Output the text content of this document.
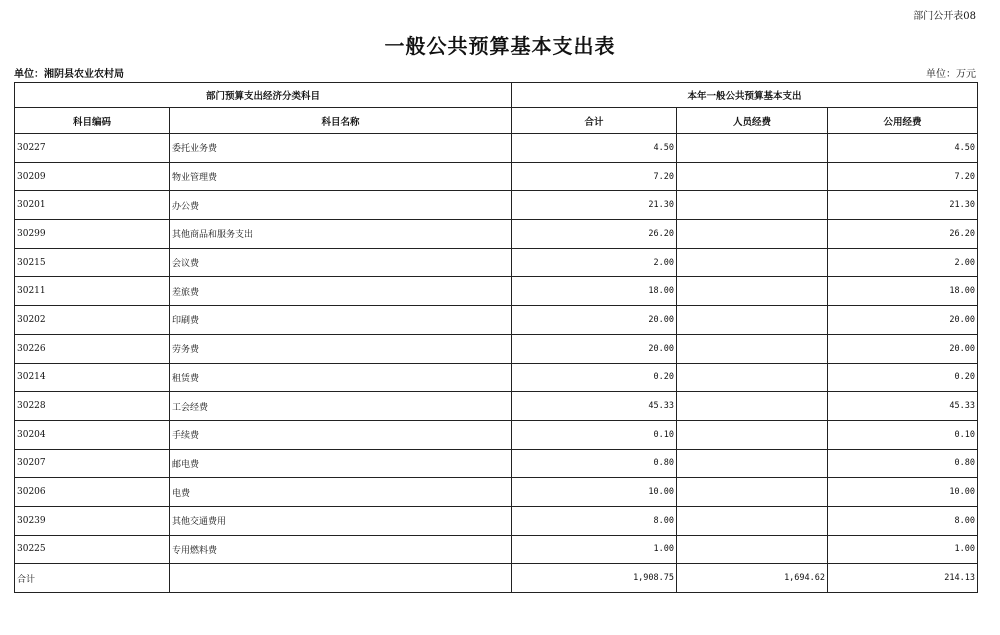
部门公开表08
一般公共预算基本支出表
单位：湘阴县农业农村局	单位：万元
部门预算支出经济分类科目		本年一般公共预算基本支出		
科目编码	科目名称	合计	人员经费	公用经费
30227	委托业务费	4.50		4.50
30209	物业管理费	7.20		7.20
30201	办公费	21.30		21.30
30299	其他商品和服务支出	26.20		26.20
30215	会议费	2.00		2.00
30211	差旅费	18.00		18.00
30202	印刷费	20.00		20.00
30226	劳务费	20.00		20.00
30214	租赁费	0.20		0.20
30228	工会经费	45.33		45.33
30204	手续费	0.10		0.10
30207	邮电费	0.80		0.80
30206	电费	10.00		10.00
30239	其他交通费用	8.00		8.00
30225	专用燃料费	1.00		1.00
合计		1,908.75	1,694.62	214.13
